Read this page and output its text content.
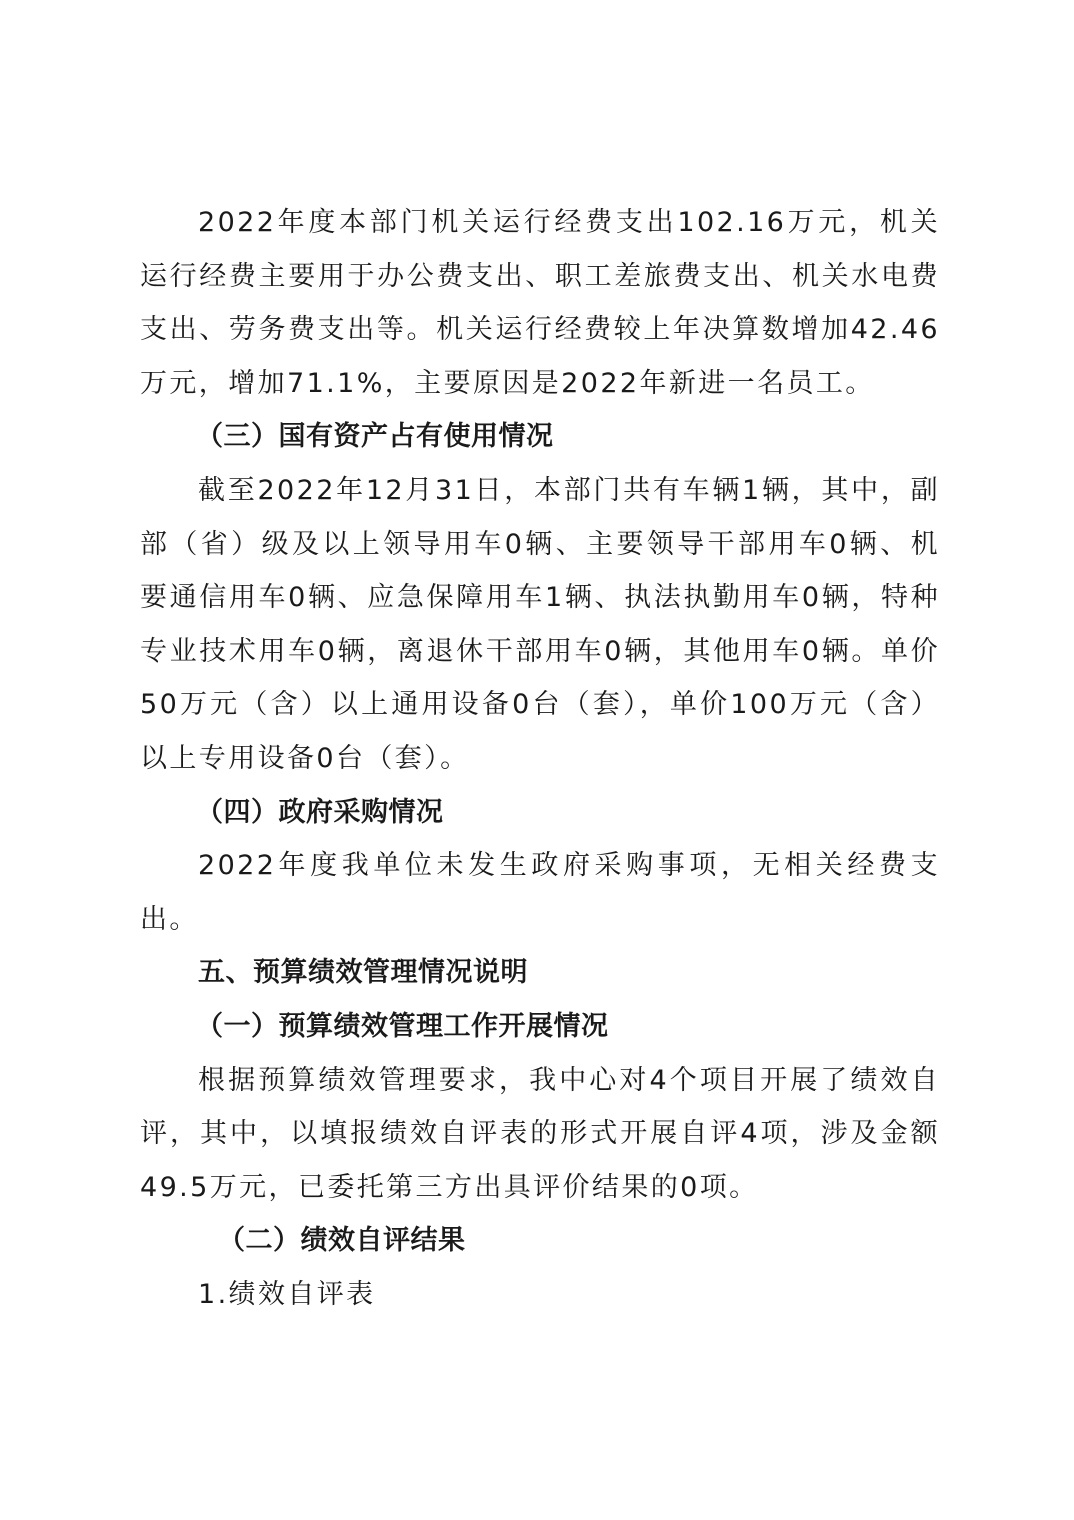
2022年度本部门机关运行经费支出102.16万元，机关运行经费主要用于办公费支出、职工差旅费支出、机关水电费支出、劳务费支出等。机关运行经费较上年决算数增加42.46万元，增加71.1%，主要原因是2022年新进一名员工。

（三）国有资产占有使用情况

截至2022年12月31日，本部门共有车辆1辆，其中，副部（省）级及以上领导用车0辆、主要领导干部用车0辆、机要通信用车0辆、应急保障用车1辆、执法执勤用车0辆，特种专业技术用车0辆，离退休干部用车0辆，其他用车0辆。单价50万元（含）以上通用设备0台（套），单价100万元（含）以上专用设备0台（套）。

（四）政府采购情况

2022年度我单位未发生政府采购事项，无相关经费支出。

五、预算绩效管理情况说明
（一）预算绩效管理工作开展情况

根据预算绩效管理要求，我中心对4个项目开展了绩效自评，其中，以填报绩效自评表的形式开展自评4项，涉及金额49.5万元，已委托第三方出具评价结果的0项。

（二）绩效自评结果

1.绩效自评表
